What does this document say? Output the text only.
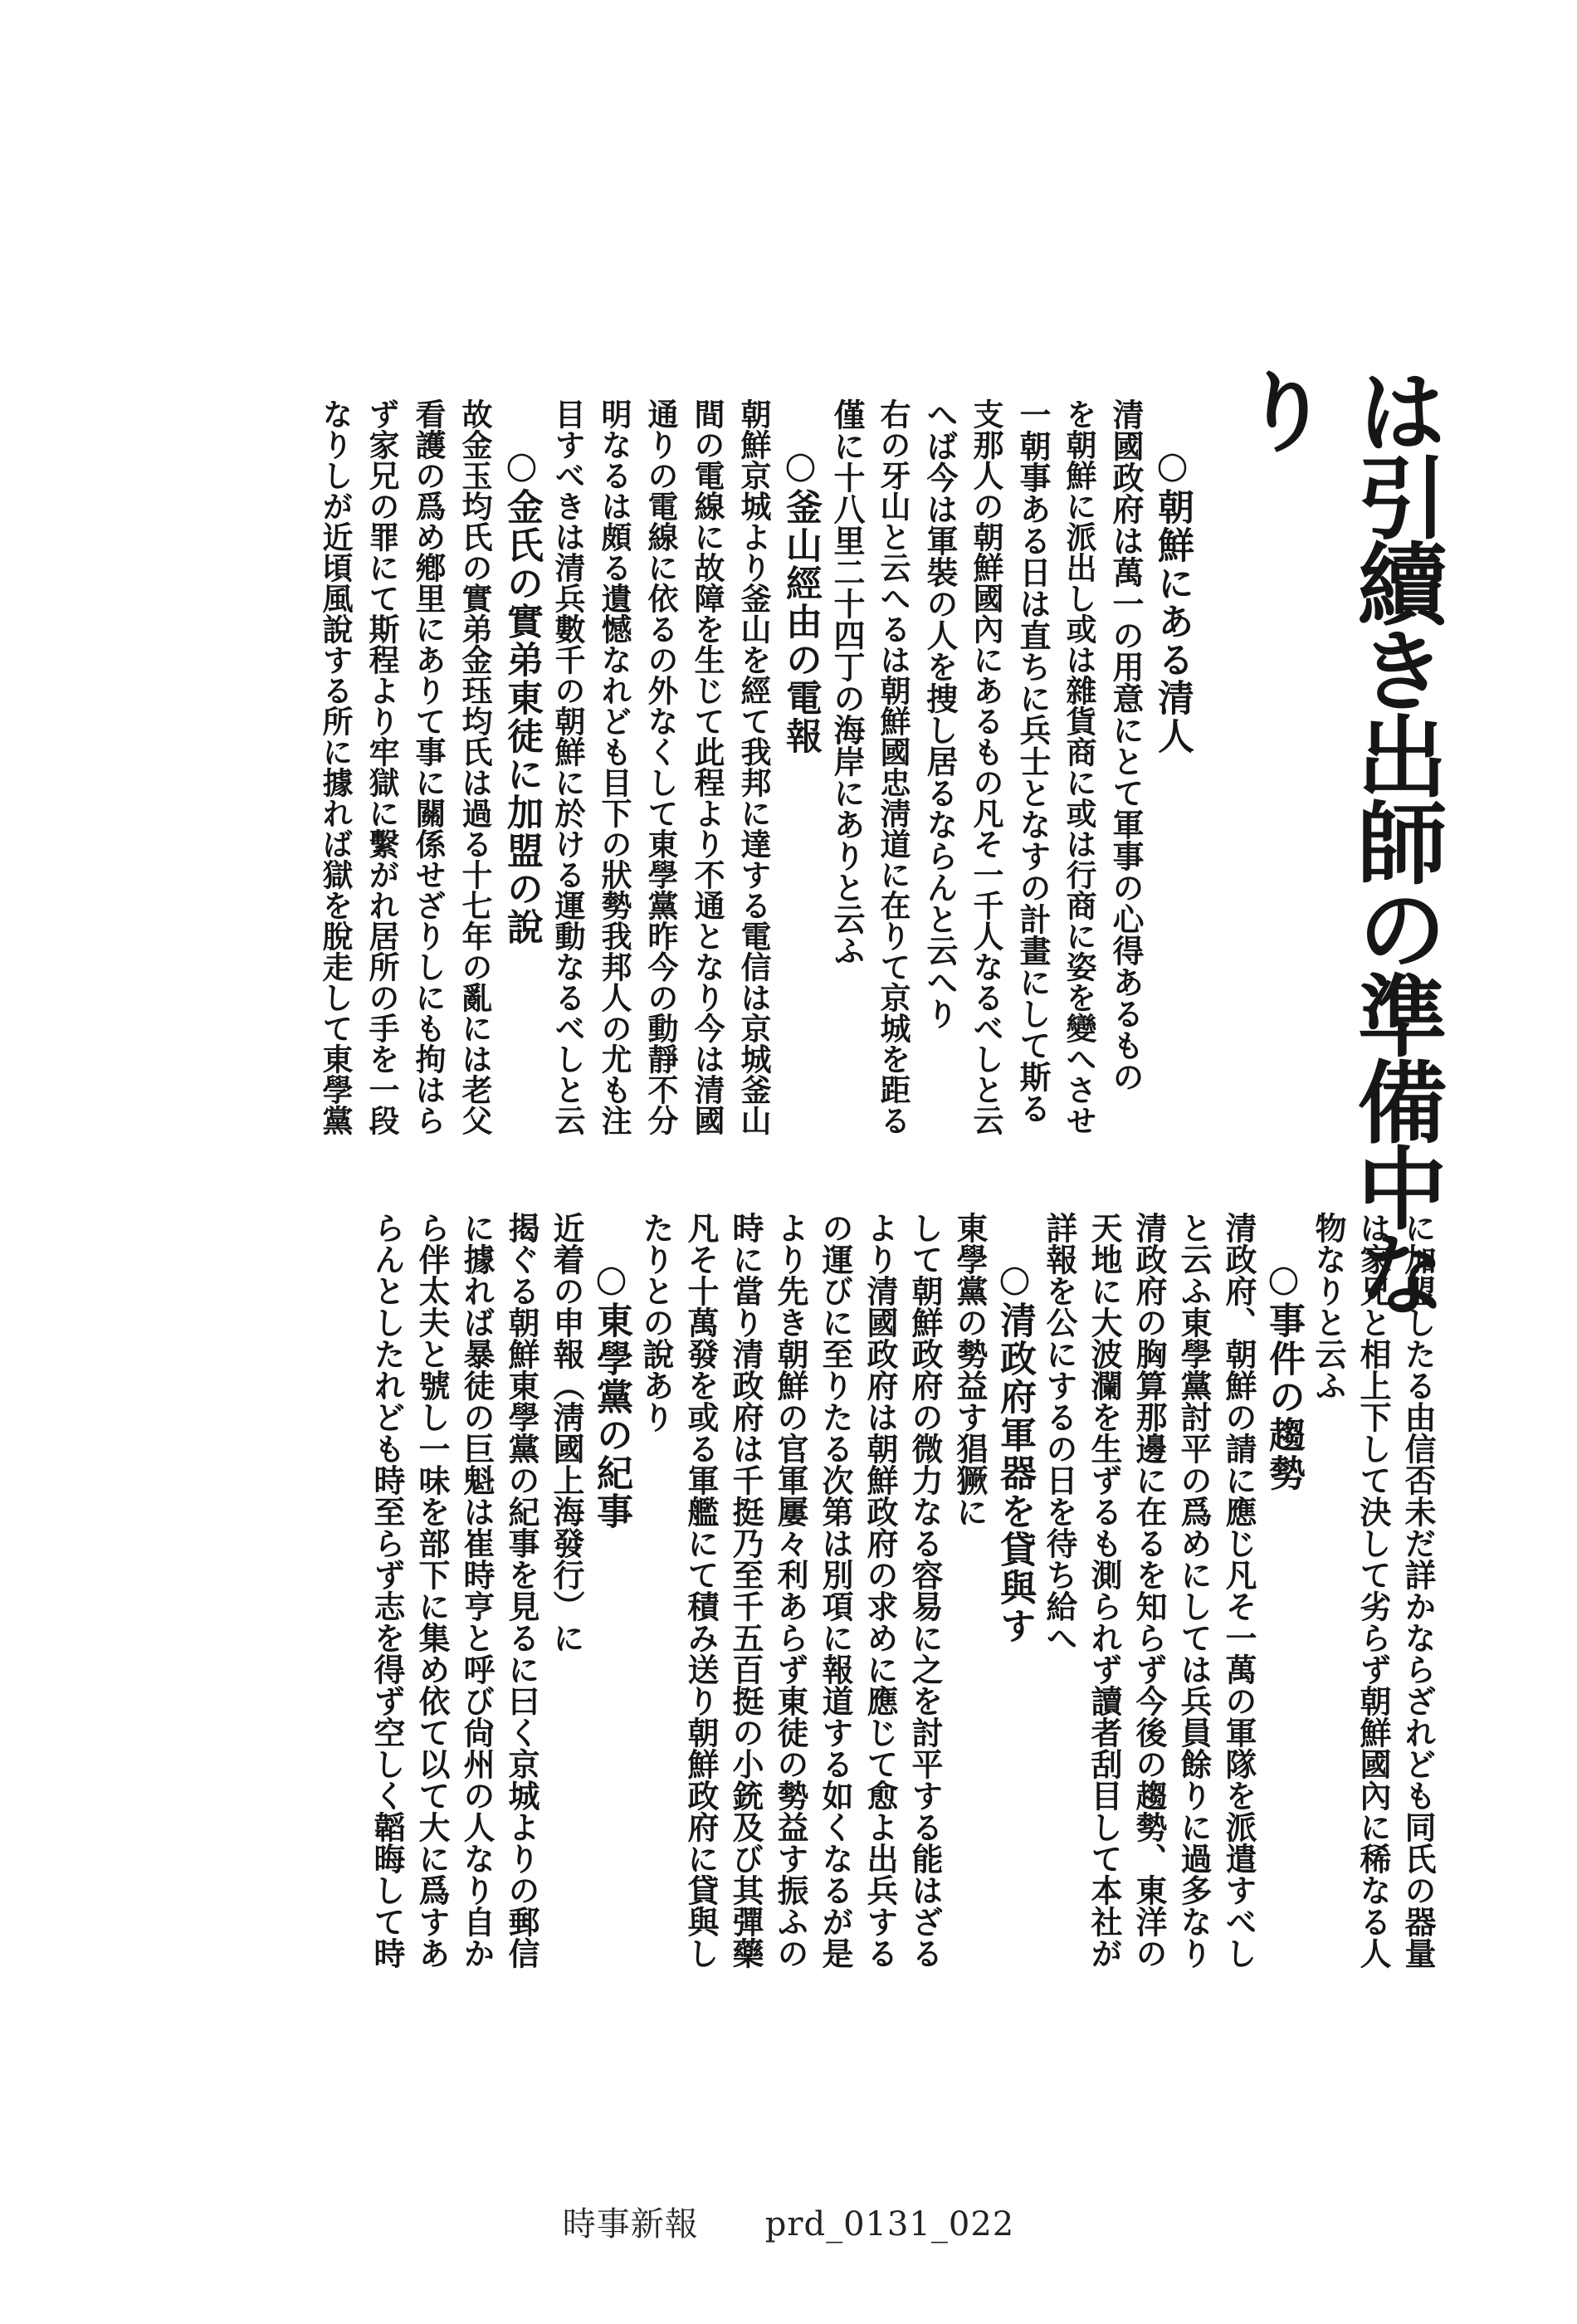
は引續き出師の準備中な
り
○朝鮮にある清人
清國政府は萬一の用意にとて軍事の心得あるもの
を朝鮮に派出し或は雜貨商に或は行商に姿を變へさせ
一朝事ある日は直ちに兵士となすの計畫にして斯る
支那人の朝鮮國內にあるもの凡そ一千人なるべしと云
へば今は軍裝の人を捜し居るならんと云へり
右の牙山と云へるは朝鮮國忠淸道に在りて京城を距る
僅に十八里二十四丁の海岸にありと云ふ
○釜山經由の電報
朝鮮京城より釜山を經て我邦に達する電信は京城釜山
間の電線に故障を生じて此程より不通となり今は清國
通りの電線に依るの外なくして東學黨昨今の動靜不分
明なるは頗る遺憾なれども目下の狀勢我邦人の尤も注
目すべきは清兵數千の朝鮮に於ける運動なるべしと云
○金氏の實弟東徒に加盟の說
故金玉均氏の實弟金珏均氏は過る十七年の亂には老父
看護の爲め鄕里にありて事に關係せざりしにも拘はら
ず家兄の罪にて斯程より牢獄に繫がれ居所の手を一段
なりしが近頃風說する所に據れば獄を脫走して東學黨
に加盟したる由信否未だ詳かならざれども同氏の器量
は家兄と相上下して決して劣らず朝鮮國內に稀なる人
物なりと云ふ
○事件の趨勢
清政府、朝鮮の請に應じ凡そ一萬の軍隊を派遣すべし
と云ふ東學黨討平の爲めにしては兵員餘りに過多なり
清政府の胸算那邊に在るを知らず今後の趨勢、東洋の
天地に大波瀾を生ずるも測られず讀者刮目して本社が
詳報を公にするの日を待ち給へ
○清政府軍器を貸與す
東學黨の勢益す猖獗に
して朝鮮政府の微力なる容易に之を討平する能はざる
より清國政府は朝鮮政府の求めに應じて愈よ出兵する
の運びに至りたる次第は別項に報道する如くなるが是
より先き朝鮮の官軍屢々利あらず東徒の勢益す振ふの
時に當り清政府は千挺乃至千五百挺の小銃及び其彈藥
凡そ十萬發を或る軍艦にて積み送り朝鮮政府に貸與し
たりとの說あり
○東學黨の紀事
近着の申報（淸國上海發行）に
揭ぐる朝鮮東學黨の紀事を見るに曰く京城よりの郵信
に據れば暴徒の巨魁は崔時亨と呼び尙州の人なり自か
ら伴太夫と號し一味を部下に集め依て以て大に爲すあ
らんとしたれども時至らず志を得ず空しく韜晦して時
時事新報 prd_0131_022
